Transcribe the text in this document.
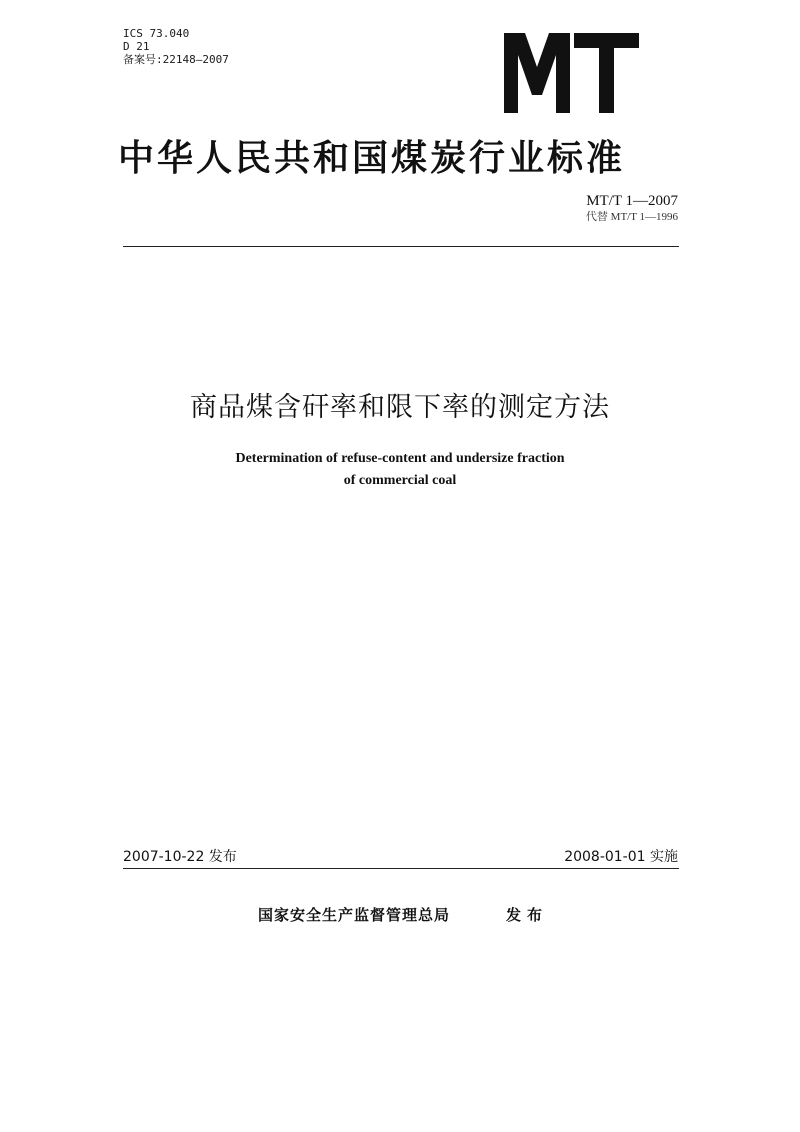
ICS 73.040
D 21
备案号:22148—2007
中华人民共和国煤炭行业标准
MT/T 1—2007
代替 MT/T 1—1996
商品煤含矸率和限下率的测定方法
Determination of refuse-content and undersize fraction
of commercial coal
2007-10-22 发布	2008-01-01 实施
国家安全生产监督管理总局	发布
